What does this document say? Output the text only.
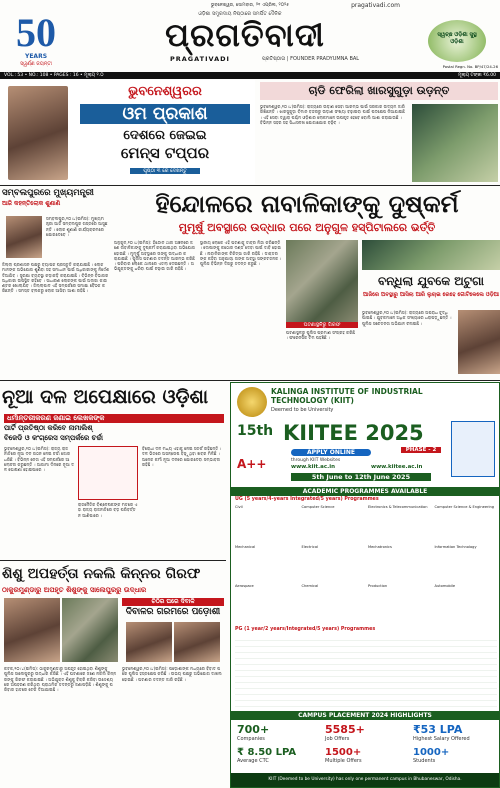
ଭୁବନେଶ୍ୱର, ସୋମବାର, ୨୧ ଏପ୍ରିଲ, ୨୦୨୫	pragativadi.com
50
YEARS
ସ୍ୱର୍ଣ୍ଣ ଜୟନ୍ତୀ
ଓଡ଼ିଶା ସମ୍ପ୍ରଦାୟ ନିଷ୍ଠାରେ ସମର୍ପିତ ଦୈନିକ
ପ୍ରଗତିବାଦୀ
PRAGATIVADI	ପ୍ରତିଷ୍ଠାତା | FOUNDER PRADYUMNA BAL
ସ୍ୱଚ୍ଛ ଓଡ଼ିଶା ସୁସ୍ଥ ଓଡ଼ିଶା
Postal Regn. No. BP/47/24-26
VOL.: 53 • NO.: 108 • PAGES : 16 • ମୂଲ୍ୟ ୨.୦	ମୂଲ୍ୟ ଟଙ୍କା ₹6.00
ଭୁବନେଶ୍ୱରର
ଓମ ପ୍ରକାଶ
ଦେଶରେ ଜେଇଇ
ମେନ୍ସ ଟପ୍ପର
ପୃଷ୍ଠା ୩ ରେ ଦେଖନ୍ତୁ
ଚାଡି ଫେରିଲା ଖାରସୁଗୁଡ଼ା ଉଡ଼ନ୍ତ
ଭୁବନେଶ୍ୱର,୨୦।୪(ଇମିସ): ରାଜ୍ୟରେ ଉଡ଼ାଣ ସେବା ଆରମ୍ଭ ପାଇଁ ସରକାର ଉଦ୍ୟମ ଜାରି ରଖିଛନ୍ତି । ଝାରସୁଗୁଡ଼ା ବିମାନ ବନ୍ଦରରୁ ଉଡ଼ାଣ ସଂଖ୍ୟା ବଢ଼ାଇବା ପାଇଁ ପଦକ୍ଷେପ ନିଆଯାଇଛି । ଏହି ସେବା ଦ୍ୱାରା ପଶ୍ଚିମ ଓଡ଼ିଶାର ଲୋକମାନେ ଉପକୃତ ହେବେ ବୋଲି ଆଶା କରାଯାଉଛି । ବିଭିନ୍ନ ସହର ସହ ସିଧାସଳଖ ଯୋଗାଯୋଗ ବଢ଼ିବ ।
ସମ୍ବଲପୁରରେ ମୁଖ୍ୟମନ୍ତ୍ରୀ
ଆଜି କହନ୍ତିଲୋକ ଶୁଣାଣି
ସମ୍ବଲପୁର,୨୦।୪(ଇମିସ): ମୁଖ୍ୟମନ୍ତ୍ରୀ ଆଜି ସମ୍ବଲପୁର ଗସ୍ତରେ ଆସୁଛନ୍ତି । ଲୋକ ଶୁଣାଣି କାର୍ଯ୍ୟକ୍ରମରେ ଯୋଗଦେବେ ।
ଜିଲ୍ଲା ପ୍ରଶାସନ ପକ୍ଷରୁ ବ୍ୟାପକ ପ୍ରସ୍ତୁତି କରାଯାଇଛି । ଲୋକମାନଙ୍କ ଅଭିଯୋଗ ଶୁଣିବା ସହ ସମାଧାନ ପାଇଁ ଅଧିକାରୀଙ୍କୁ ନିର୍ଦ୍ଦେଶ ଦିଆଯିବ । ସୁରକ୍ଷା ବ୍ୟବସ୍ଥା କଡ଼ାକଡ଼ି କରାଯାଇଛି । ବିଭିନ୍ନ ବିଭାଗର ଅଧିକାରୀ ଉପସ୍ଥିତ ରହିବେ । ସାଧାରଣ ଲୋକଙ୍କ ପାଇଁ ଅଲଗା କାଉଣ୍ଟର ଖୋଲାଯିବ । ଜିଲ୍ଲାପାଳ ଏହି ସମ୍ପର୍କରେ ସମୀକ୍ଷା ବୈଠକ କରିଛନ୍ତି । ସମସ୍ତ ବ୍ଲକରୁ ଲୋକ ଆସିବା ଆଶା ରହିଛି ।
ହିନ୍ଦୋଳରେ ନାବାଳିକାଙ୍କୁ ଦୁଷ୍କର୍ମ
ମୁମୂର୍ଷୁ ଅବସ୍ଥାରେ ଉଦ୍ଧାର ପରେ ଅନୁଗୁଳ ହସ୍ପିଟାଲରେ ଭର୍ତ୍ତି
ଅନୁଗୁଳ,୨୦।୪(ଇମିସ): ହିନ୍ଦୋଳ ଥାନା ଅଞ୍ଚଳରେ ଜଣେ ନାବାଳିକାଙ୍କୁ ଦୁଷ୍କର୍ମ କରାଯାଇଥିବା ଅଭିଯୋଗ ହୋଇଛି । ମୁମୂର୍ଷୁ ଅବସ୍ଥାରେ ତାଙ୍କୁ ଉଦ୍ଧାର କରାଯାଇଛି । ପୁଲିସ ଘଟଣାର ତଦନ୍ତ ଆରମ୍ଭ କରିଛି । ପରିବାର ଲୋକେ ଥାନାରେ ଏତଲା ଦେଇଛନ୍ତି । ଅଭିଯୁକ୍ତଙ୍କୁ ଧରିବା ପାଇଁ ଚଢ଼ାଉ ଜାରି ରହିଛି ।
ସ୍ଥାନୀୟ ଲୋକେ ଏହି ଘଟଣାକୁ ତୀବ୍ର ନିନ୍ଦା କରିଛନ୍ତି । ଦୋଷୀଙ୍କୁ କଠୋର ଦଣ୍ଡ ଦେବା ପାଇଁ ଦାବି ହୋଇଛି । ନାବାଳିକାଙ୍କ ଚିକିତ୍ସା ଜାରି ରହିଛି । ଡାକ୍ତରଙ୍କ କହିବା ଅନୁଯାୟୀ ତାଙ୍କ ଅବସ୍ଥା ସଙ୍କଟଜନକ । ପୁଲିସ ବିଭିନ୍ନ ଦିଗରୁ ତଦନ୍ତ କରୁଛି ।
ଘଟଣାସ୍ଥଳିରୁ ଗିରଫ
ଘଟଣାସ୍ଥଳରୁ ପୁଲିସ ପ୍ରମାଣ ସଂଗ୍ରହ କରିଛି । ଫରେନସିକ ଟିମ ପହଞ୍ଚିଛି ।
ବନ୍ଧିଲା ଯୁବକେ ଅଟୁଗା
ଆଜିରେ ଅବସ୍ଥାରୁ ଆସିଲା ଆରି ଲୁଚାଇ ରେହେ ଗୋଟିକେଲେ ଓଡ଼ିଆ
ଭୁବନେଶ୍ୱର,୨୦।୪(ଇମିସ): ରାଜ୍ୟରେ ଅପରାଧ ବୃଦ୍ଧି ପାଇଛି । ଯୁବକମାନେ ଅଧିକ ସଂଖ୍ୟାରେ ଧରାପଡ଼ୁଛନ୍ତି । ପୁଲିସ ସଚେତନତା ଅଭିଯାନ ଚଳାଇଛି ।
ନୂଆ ଦଳ ଅପେକ୍ଷାରେ ଓଡ଼ିଶା
ଧର୍ମାନ୍ତରୀକରଣ ଜଣାଇ ଲେଖକଙ୍କ
ପାର୍ଟି ପ୍ରତିଷ୍ଠା କରିବେ ନାମାଲିଶ୍
ବିଜେଡି ଓ କଂଗ୍ରେସ ସମ୍ପର୍କରେ ଚର୍ଚ୍ଚା
ଭୁବନେଶ୍ୱର,୨୦।୪(ଇମିସ): ରାଜ୍ୟ ରାଜନୀତିରେ ନୂଆ ଦଳ ଗଠନ ନେଇ ଚର୍ଚ୍ଚା ଜୋର ଧରିଛି । ବିଭିନ୍ନ ନେତା ଏହି ସମ୍ପର୍କରେ ଆଲୋଚନା କରୁଛନ୍ତି । ଆଗାମୀ ଦିନରେ ନୂଆ ଦଳ ଘୋଷଣା ହୋଇପାରେ ।
ରାଜନୈତିକ ବିଶ୍ଳେଷକଙ୍କ ମତରେ ଏହା ରାଜ୍ୟ ରାଜନୀତିରେ ବଡ଼ ପରିବର୍ତ୍ତନ ଆଣିପାରେ ।
ବିରୋଧୀ ଦଳ ମଧ୍ୟ ଏହାକୁ ନେଇ ସତର୍କ ରହିଛନ୍ତି । ଦଳ ଭିତରେ ଅସନ୍ତୋଷ ବଢ଼ୁଥିବା ଖବର ମିଳିଛି । ଅନେକ କର୍ମୀ ନୂଆ ଦଳରେ ଯୋଗଦେବା ସମ୍ଭାବନା ରହିଛି ।
ଶିଶୁ ଅପହର୍ତ୍ତା ନକଲି କିନ୍ନର ଗିରଫ
ଠାକୁରମୁଣ୍ଡାରୁ ଅପହୃତ ଶିଶୁଙ୍କୁ ସାଲେପୁରରୁ ଉଦ୍ଧାର
କଟକ,୨୦।୪(ଇମିସ): ଠାକୁରମୁଣ୍ଡାରୁ ଅପହୃତ ହୋଇଥିବା ଶିଶୁଙ୍କୁ ପୁଲିସ ସାଲେପୁରରୁ ଉଦ୍ଧାର କରିଛି । ଏହି ଘଟଣାରେ ଜଣେ ନକଲି କିନ୍ନରଙ୍କୁ ଗିରଫ କରାଯାଇଛି । ଅଭିଯୁକ୍ତ ଶିଶୁକୁ ବିକ୍ରି କରିବା ଉଦ୍ଦେଶ୍ୟରେ ଅପହରଣ କରିଥିବା ପ୍ରାଥମିକ ତଦନ୍ତରୁ ଜଣାପଡ଼ିଛି । ଶିଶୁଙ୍କୁ ପରିବାର ହାତରେ ଟେକି ଦିଆଯାଇଛି ।
ଚିଠିର ଘରେ ଦିବାଳି
ଦିବାଳର ଗରମରେ ପଡ଼ୋଶୀ
ଭୁବନେଶ୍ୱର,୨୦।୪(ଇମିସ): ପଡ଼ୋଶୀଙ୍କ ମଧ୍ୟରେ ବିବାଦ ପରେ ପୁଲିସ ହସ୍ତକ୍ଷେପ କରିଛି । ଉଭୟ ପକ୍ଷରୁ ଅଭିଯୋଗ ଦାଖଲ ହୋଇଛି । ଘଟଣାର ତଦନ୍ତ ଜାରି ରହିଛି ।
KALINGA INSTITUTE OF INDUSTRIAL TECHNOLOGY (KIIT)
Deemed to be University
15th
A++
KIITEE 2025
PHASE - 2
APPLY ONLINE
through KIIT Websites
www.kiit.ac.in	www.kiitee.ac.in
5th June to 12th June 2025
ACADEMIC PROGRAMMES AVAILABLE
UG (5 years/4-years Integrated/5 years) Programmes
Civil	Computer Science	Electronics & Telecommunication	Computer Science & Engineering
Mechanical	Electrical	Mechatronics	Information Technology
Aerospace	Chemical	Production	Automobile
PG (1 year/2 years/Integrated/5 years) Programmes
CAMPUS PLACEMENT 2024 HIGHLIGHTS
700+
Companies
5585+
Job Offers
₹53 LPA
Highest Salary Offered
₹ 8.50 LPA
Average CTC
1500+
Multiple Offers
1000+
Students
KIIT (Deemed to be University) has only one permanent campus in Bhubaneswar, Odisha.
